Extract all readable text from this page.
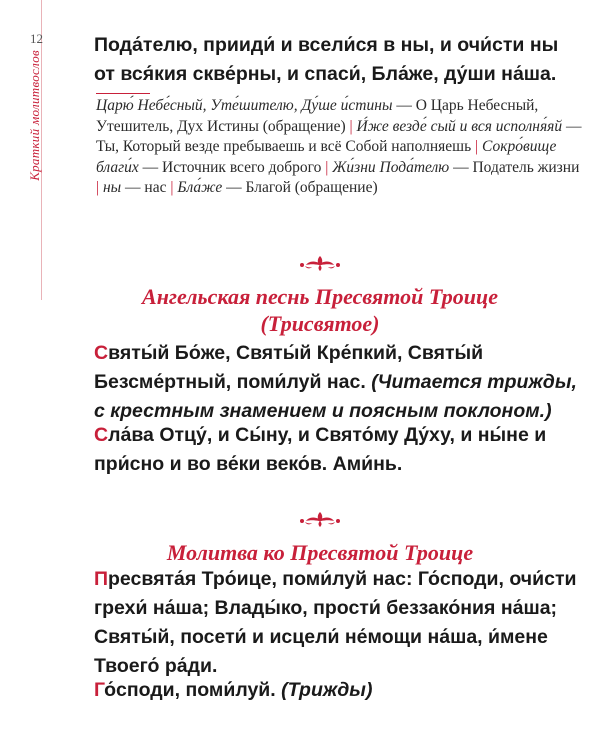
12
Краткий молитвослов

Пода́телю, прииди́ и всели́ся в ны, и очи́сти ны от вся́кия скве́рны, и спаси́, Бла́же, ду́ши на́ша.

Царю́ Небе́сный, Уте́шителю, Ду́ше и́стины — О Царь Небесный, Утешитель, Дух Истины (обращение) | И́же везде́ сый и вся исполня́яй — Ты, Который везде пребываешь и всё Собой наполняешь | Сокро́вище благи́х — Источник всего доброго | Жи́зни Пода́телю — Податель жизни | ны — нас | Бла́же — Благой (обращение)

Ангельская песнь Пресвятой Троице
(Трисвятое)

Святы́й Бо́же, Святы́й Кре́пкий, Святы́й Безсме́ртный, поми́луй нас. (Читается трижды, с крестным знамением и поясным поклоном.)

Сла́ва Отцу́, и Сы́ну, и Свято́му Ду́ху, и ны́не и при́сно и во ве́ки веко́в. Ами́нь.

Молитва ко Пресвятой Троице

Пресвята́я Тро́ице, поми́луй нас: Го́споди, очи́сти грехи́ на́ша; Влады́ко, прости́ беззако́ния на́ша; Святы́й, посети́ и исцели́ не́мощи на́ша, и́мене Твоего́ ра́ди.

Го́споди, поми́луй. (Трижды)
